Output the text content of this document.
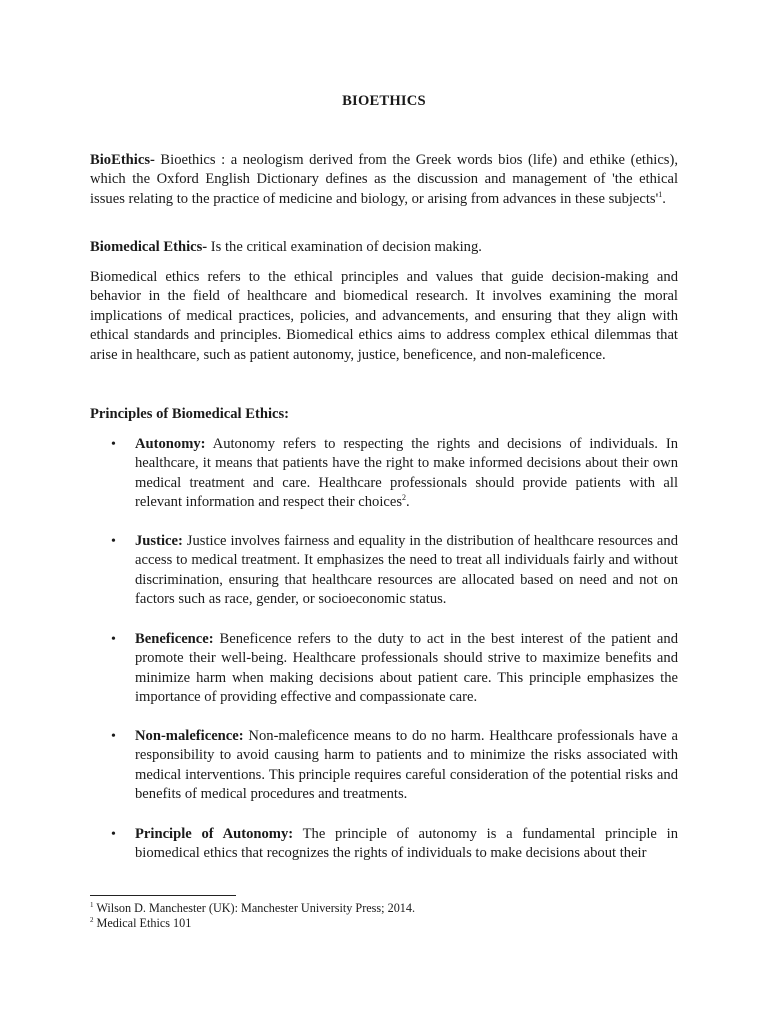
BIOETHICS

BioEthics- Bioethics : a neologism derived from the Greek words bios (life) and ethike (ethics), which the Oxford English Dictionary defines as the discussion and management of 'the ethical issues relating to the practice of medicine and biology, or arising from advances in these $subjects'^1$.

Biomedical Ethics- Is the critical examination of decision making.

Biomedical ethics refers to the ethical principles and values that guide decision-making and behavior in the field of healthcare and biomedical research. It involves examining the moral implications of medical practices, policies, and advancements, and ensuring that they align with ethical standards and principles. Biomedical ethics aims to address complex ethical dilemmas that arise in healthcare, such as patient autonomy, justice, beneficence, and non-maleficence.

Principles of Biomedical Ethics:

• Autonomy: Autonomy refers to respecting the rights and decisions of individuals. In healthcare, it means that patients have the right to make informed decisions about their own medical treatment and care. Healthcare professionals should provide patients with all relevant information and respect their choices$^2$.

• Justice: Justice involves fairness and equality in the distribution of healthcare resources and access to medical treatment. It emphasizes the need to treat all individuals fairly and without discrimination, ensuring that healthcare resources are allocated based on need and not on factors such as race, gender, or socioeconomic status.

• Beneficence: Beneficence refers to the duty to act in the best interest of the patient and promote their well-being. Healthcare professionals should strive to maximize benefits and minimize harm when making decisions about patient care. This principle emphasizes the importance of providing effective and compassionate care.

• Non-maleficence: Non-maleficence means to do no harm. Healthcare professionals have a responsibility to avoid causing harm to patients and to minimize the risks associated with medical interventions. This principle requires careful consideration of the potential risks and benefits of medical procedures and treatments.

• Principle of Autonomy: The principle of autonomy is a fundamental principle in biomedical ethics that recognizes the rights of individuals to make decisions about their

$^1$ Wilson D. Manchester (UK): Manchester University Press; 2014.

$^2$ Medical Ethics 101
